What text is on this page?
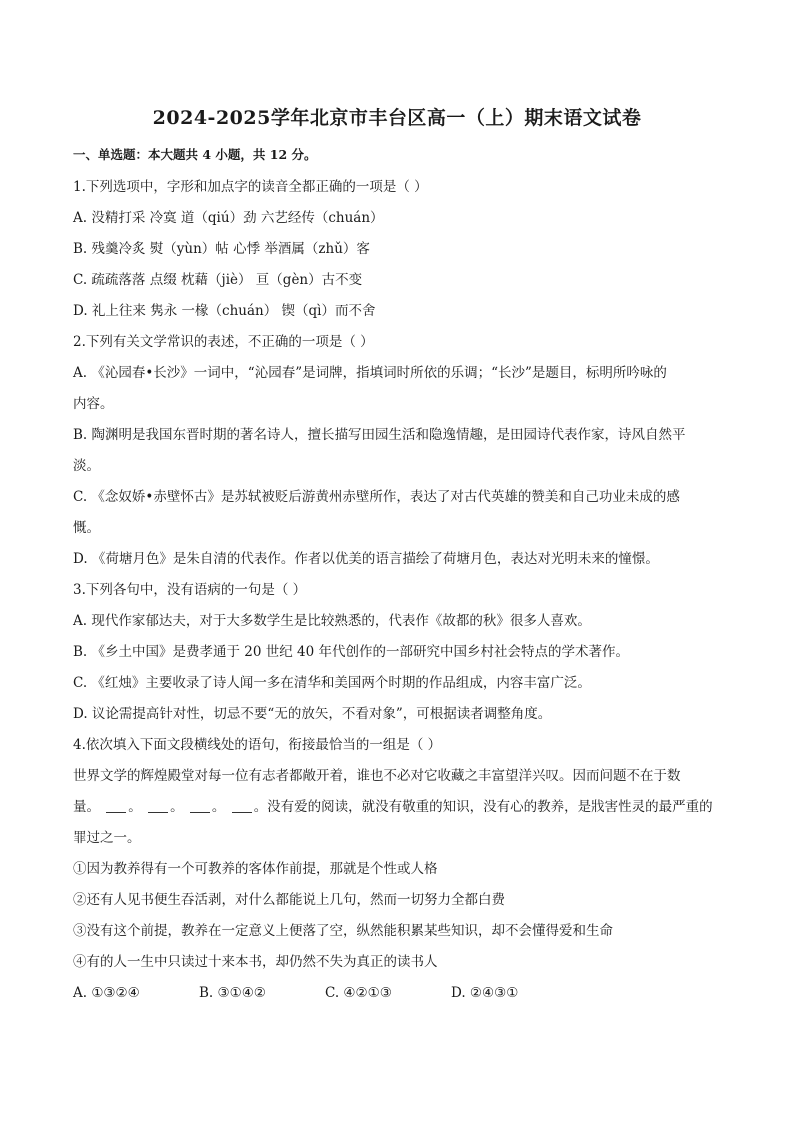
2024-2025学年北京市丰台区高一（上）期末语文试卷
一、单选题：本大题共 4 小题，共 12 分。
1.下列选项中，字形和加点字的读音全都正确的一项是（ ）
A. 没精打采 冷寞 道（qiú）劲 六艺经传（chuán）
B. 残羹冷炙 熨（yùn）帖 心悸 举酒属（zhǔ）客
C. 疏疏落落 点缀 枕藉（jiè） 亘（gèn）古不变
D. 礼上往来 隽永 一椽（chuán） 锲（qì）而不舍
2.下列有关文学常识的表述，不正确的一项是（ ）
A. 《沁园春•长沙》一词中，“沁园春”是词牌，指填词时所依的乐调；“长沙”是题目，标明所吟咏的
内容。
B. 陶渊明是我国东晋时期的著名诗人，擅长描写田园生活和隐逸情趣，是田园诗代表作家，诗风自然平
淡。
C. 《念奴娇•赤壁怀古》是苏轼被贬后游黄州赤壁所作，表达了对古代英雄的赞美和自己功业未成的感
慨。
D. 《荷塘月色》是朱自清的代表作。作者以优美的语言描绘了荷塘月色，表达对光明未来的憧憬。
3.下列各句中，没有语病的一句是（ ）
A. 现代作家郁达夫，对于大多数学生是比较熟悉的，代表作《故都的秋》很多人喜欢。
B. 《乡土中国》是费孝通于 20 世纪 40 年代创作的一部研究中国乡村社会特点的学术著作。
C. 《红烛》主要收录了诗人闻一多在清华和美国两个时期的作品组成，内容丰富广泛。
D. 议论需提高针对性，切忌不要“无的放矢，不看对象”，可根据读者调整角度。
4.依次填入下面文段横线处的语句，衔接最恰当的一组是（ ）
世界文学的辉煌殿堂对每一位有志者都敞开着，谁也不必对它收藏之丰富望洋兴叹。因而问题不在于数
量。 。 。 。 。没有爱的阅读，就没有敬重的知识，没有心的教养，是戕害性灵的最严重的
罪过之一。
①因为教养得有一个可教养的客体作前提，那就是个性或人格
②还有人见书便生吞活剥，对什么都能说上几句，然而一切努力全都白费
③没有这个前提，教养在一定意义上便落了空，纵然能积累某些知识，却不会懂得爱和生命
④有的人一生中只读过十来本书，却仍然不失为真正的读书人
A. ①③②④	B. ③①④②	C. ④②①③	D. ②④③①
